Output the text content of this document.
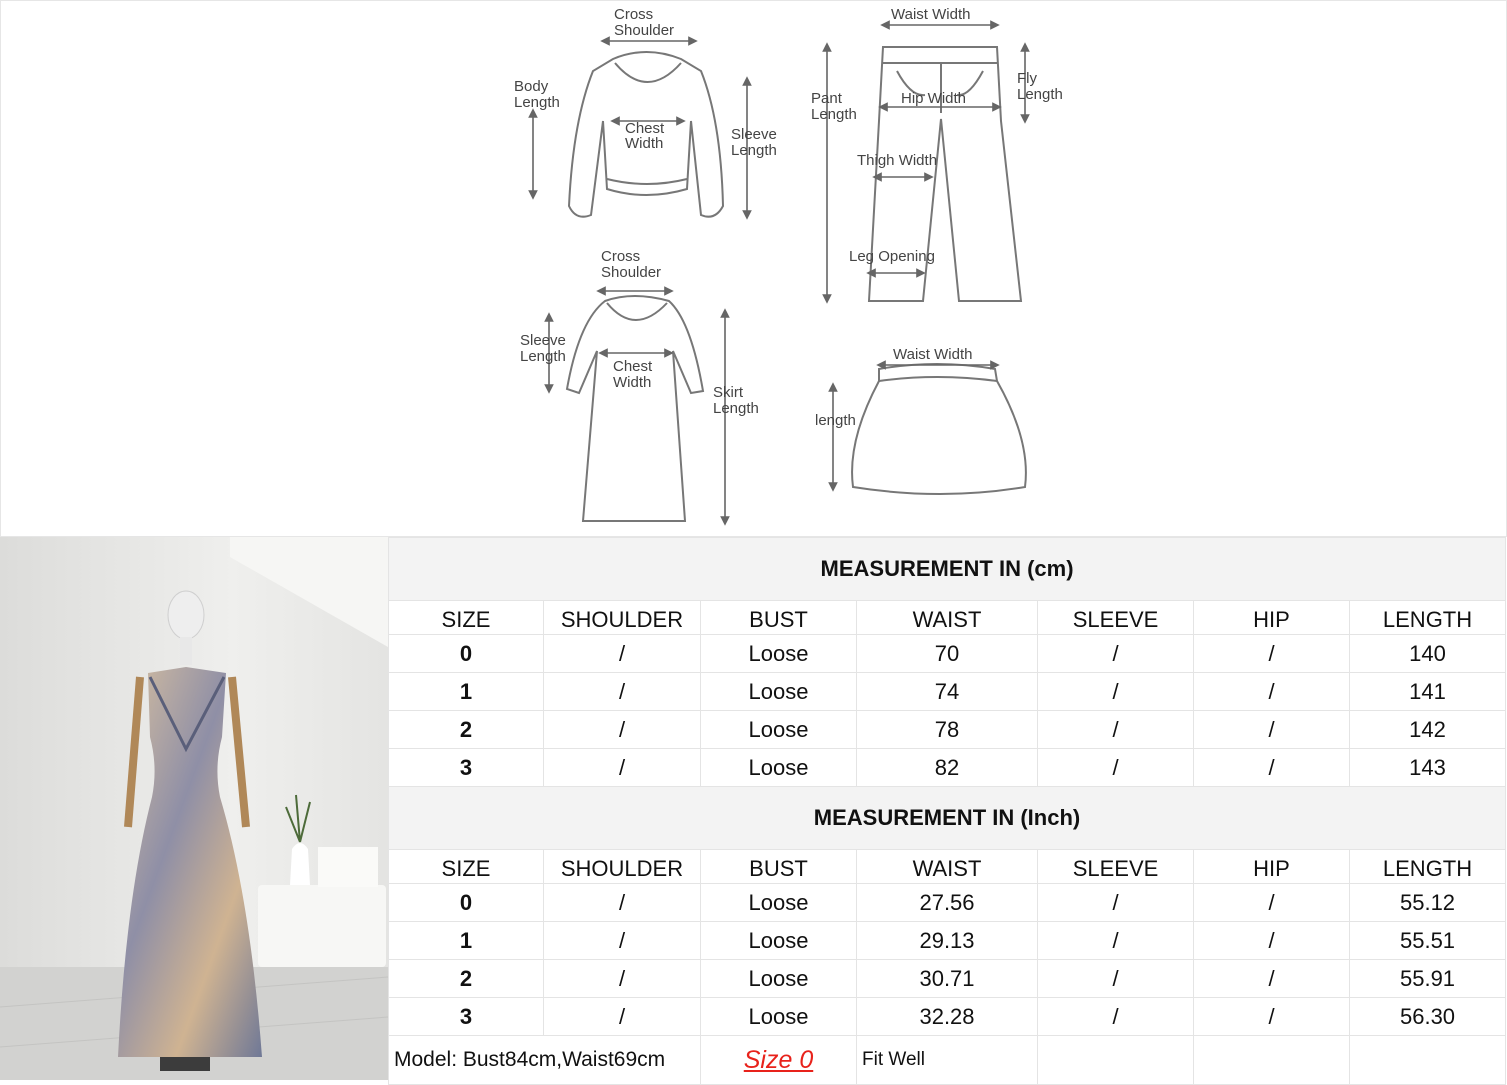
Cross
Shoulder
Body
Length
Chest
Width
Sleeve
Length
Waist Width
Pant
Length
Hip Width
Fly
Length
Thigh Width
Leg Opening
Cross
Shoulder
Sleeve
Length
Chest
Width
Skirt
Length
Waist Width
length
MEASUREMENT IN (cm)						
SIZE	SHOULDER	BUST	WAIST	SLEEVE	HIP	LENGTH
0	/	Loose	70	/	/	140
1	/	Loose	74	/	/	141
2	/	Loose	78	/	/	142
3	/	Loose	82	/	/	143
MEASUREMENT IN (Inch)						
SIZE	SHOULDER	BUST	WAIST	SLEEVE	HIP	LENGTH
0	/	Loose	27.56	/	/	55.12
1	/	Loose	29.13	/	/	55.51
2	/	Loose	30.71	/	/	55.91
3	/	Loose	32.28	/	/	56.30
Model: Bust84cm,Waist69cm		Size 0	Fit Well			
